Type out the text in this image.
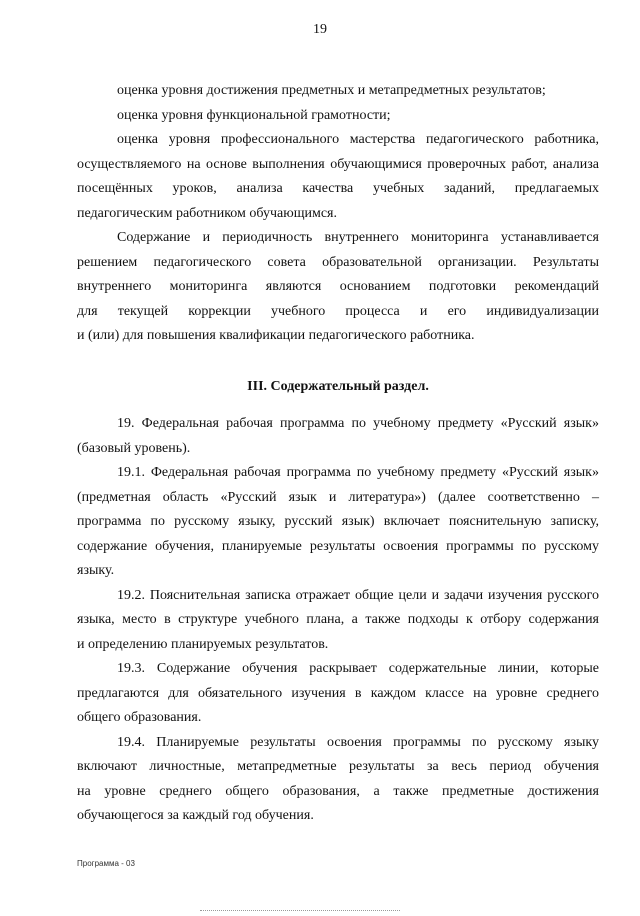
19
оценка уровня достижения предметных и метапредметных результатов;
оценка уровня функциональной грамотности;
оценка уровня профессионального мастерства педагогического работника,
осуществляемого на основе выполнения обучающимися проверочных работ, анализа
посещённых уроков, анализа качества учебных заданий, предлагаемых
педагогическим работником обучающимся.
Содержание и периодичность внутреннего мониторинга устанавливается
решением педагогического совета образовательной организации. Результаты
внутреннего мониторинга являются основанием подготовки рекомендаций
для текущей коррекции учебного процесса и его индивидуализации
и (или) для повышения квалификации педагогического работника.
III. Содержательный раздел.
19. Федеральная рабочая программа по учебному предмету «Русский язык»
(базовый уровень).
19.1. Федеральная рабочая программа по учебному предмету «Русский язык»
(предметная область «Русский язык и литература») (далее соответственно –
программа по русскому языку, русский язык) включает пояснительную записку,
содержание обучения, планируемые результаты освоения программы по русскому
языку.
19.2. Пояснительная записка отражает общие цели и задачи изучения русского
языка, место в структуре учебного плана, а также подходы к отбору содержания
и определению планируемых результатов.
19.3. Содержание обучения раскрывает содержательные линии, которые
предлагаются для обязательного изучения в каждом классе на уровне среднего
общего образования.
19.4. Планируемые результаты освоения программы по русскому языку
включают личностные, метапредметные результаты за весь период обучения
на уровне среднего общего образования, а также предметные достижения
обучающегося за каждый год обучения.
Программа - 03
